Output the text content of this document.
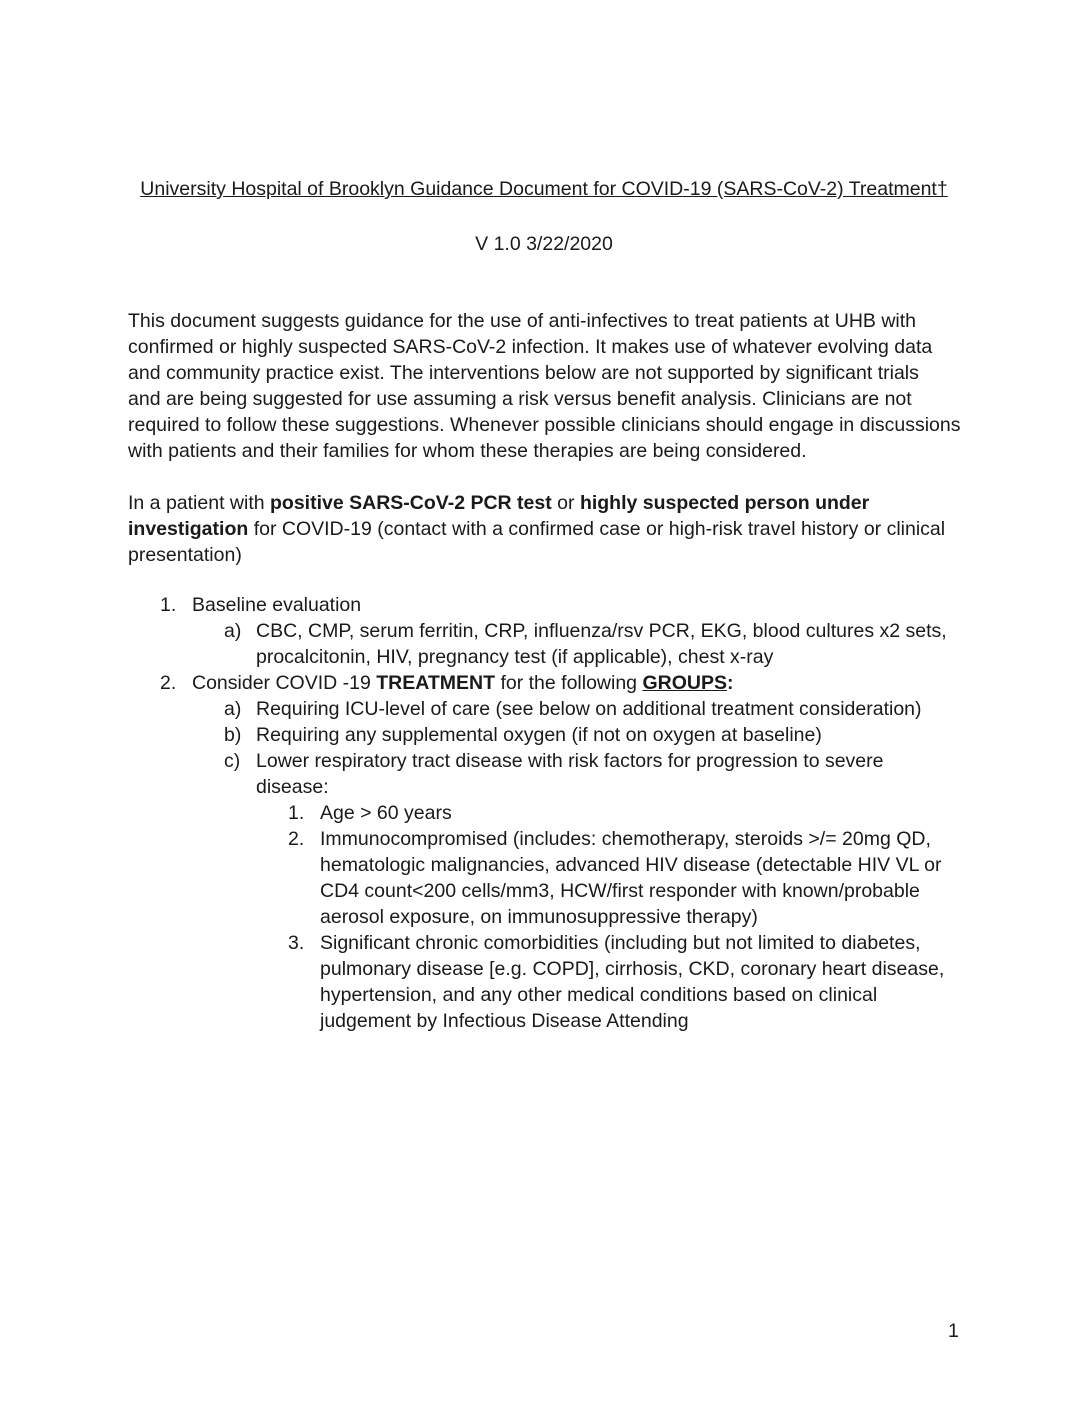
University Hospital of Brooklyn Guidance Document for COVID-19 (SARS-CoV-2) Treatment†
V 1.0 3/22/2020
This document suggests guidance for the use of anti-infectives to treat patients at UHB with
confirmed or highly suspected SARS-CoV-2 infection. It makes use of whatever evolving data
and community practice exist. The interventions below are not supported by significant trials
and are being suggested for use assuming a risk versus benefit analysis. Clinicians are not
required to follow these suggestions. Whenever possible clinicians should engage in discussions
with patients and their families for whom these therapies are being considered.
In a patient with positive SARS-CoV-2 PCR test or highly suspected person under
investigation for COVID-19 (contact with a confirmed case or high-risk travel history or clinical
presentation)
1. Baseline evaluation
a) CBC, CMP, serum ferritin, CRP, influenza/rsv PCR, EKG, blood cultures x2 sets,
procalcitonin, HIV, pregnancy test (if applicable), chest x-ray
2. Consider COVID -19 TREATMENT for the following GROUPS:
a) Requiring ICU-level of care (see below on additional treatment consideration)
b) Requiring any supplemental oxygen (if not on oxygen at baseline)
c) Lower respiratory tract disease with risk factors for progression to severe
disease:
1. Age > 60 years
2. Immunocompromised (includes: chemotherapy, steroids >/= 20mg QD,
hematologic malignancies, advanced HIV disease (detectable HIV VL or
CD4 count<200 cells/mm3, HCW/first responder with known/probable
aerosol exposure, on immunosuppressive therapy)
3. Significant chronic comorbidities (including but not limited to diabetes,
pulmonary disease [e.g. COPD], cirrhosis, CKD, coronary heart disease,
hypertension, and any other medical conditions based on clinical
judgement by Infectious Disease Attending
1
